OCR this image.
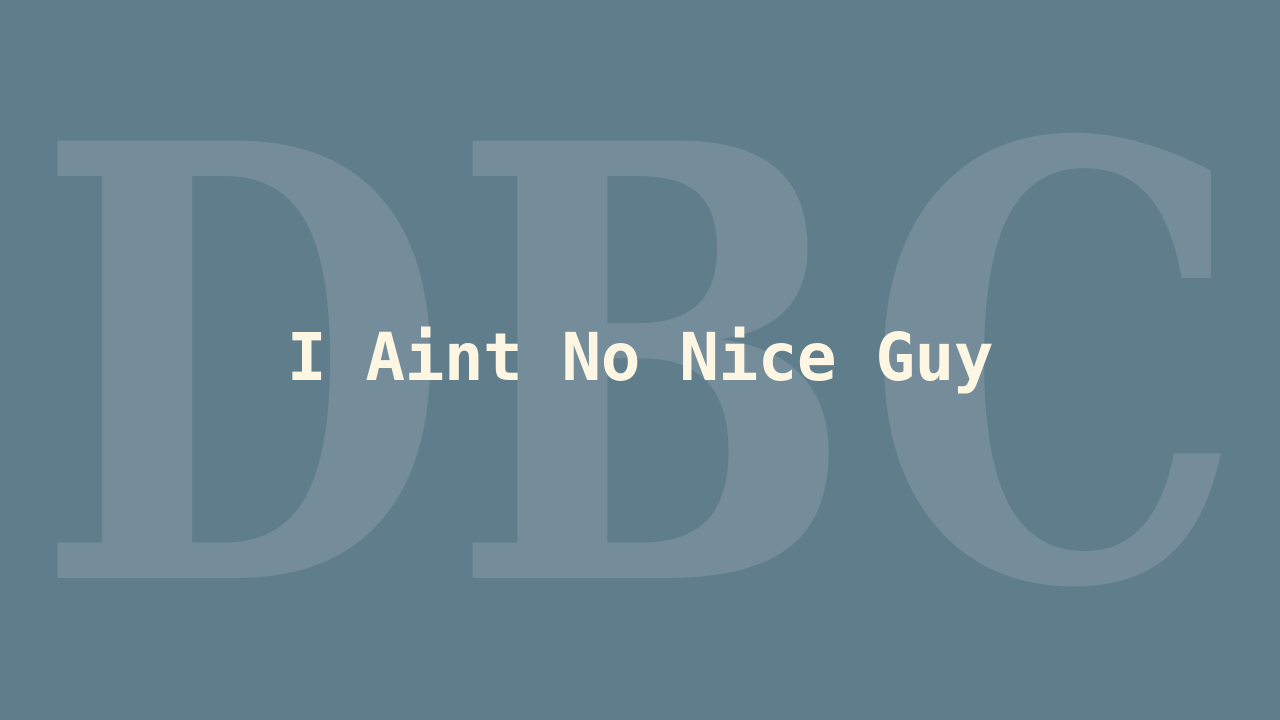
DBC
I Aint No Nice Guy
